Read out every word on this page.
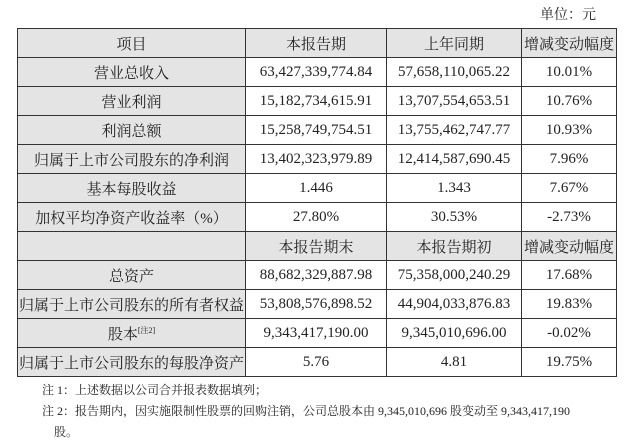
单位：元
项目	本报告期	上年同期	增减变动幅度
营业总收入	63,427,339,774.84	57,658,110,065.22	10.01%
营业利润	15,182,734,615.91	13,707,554,653.51	10.76%
利润总额	15,258,749,754.51	13,755,462,747.77	10.93%
归属于上市公司股东的净利润	13,402,323,979.89	12,414,587,690.45	7.96%
基本每股收益	1.446	1.343	7.67%
加权平均净资产收益率（%）	27.80%	30.53%	-2.73%
	本报告期末	本报告期初	增减变动幅度
总资产	88,682,329,887.98	75,358,000,240.29	17.68%
归属于上市公司股东的所有者权益	53,808,576,898.52	44,904,033,876.83	19.83%
股本[注2]	9,343,417,190.00	9,345,010,696.00	-0.02%
归属于上市公司股东的每股净资产	5.76	4.81	19.75%
注 1：上述数据以公司合并报表数据填列；
注 2：报告期内，因实施限制性股票的回购注销，公司总股本由 9,345,010,696 股变动至 9,343,417,190
股。
